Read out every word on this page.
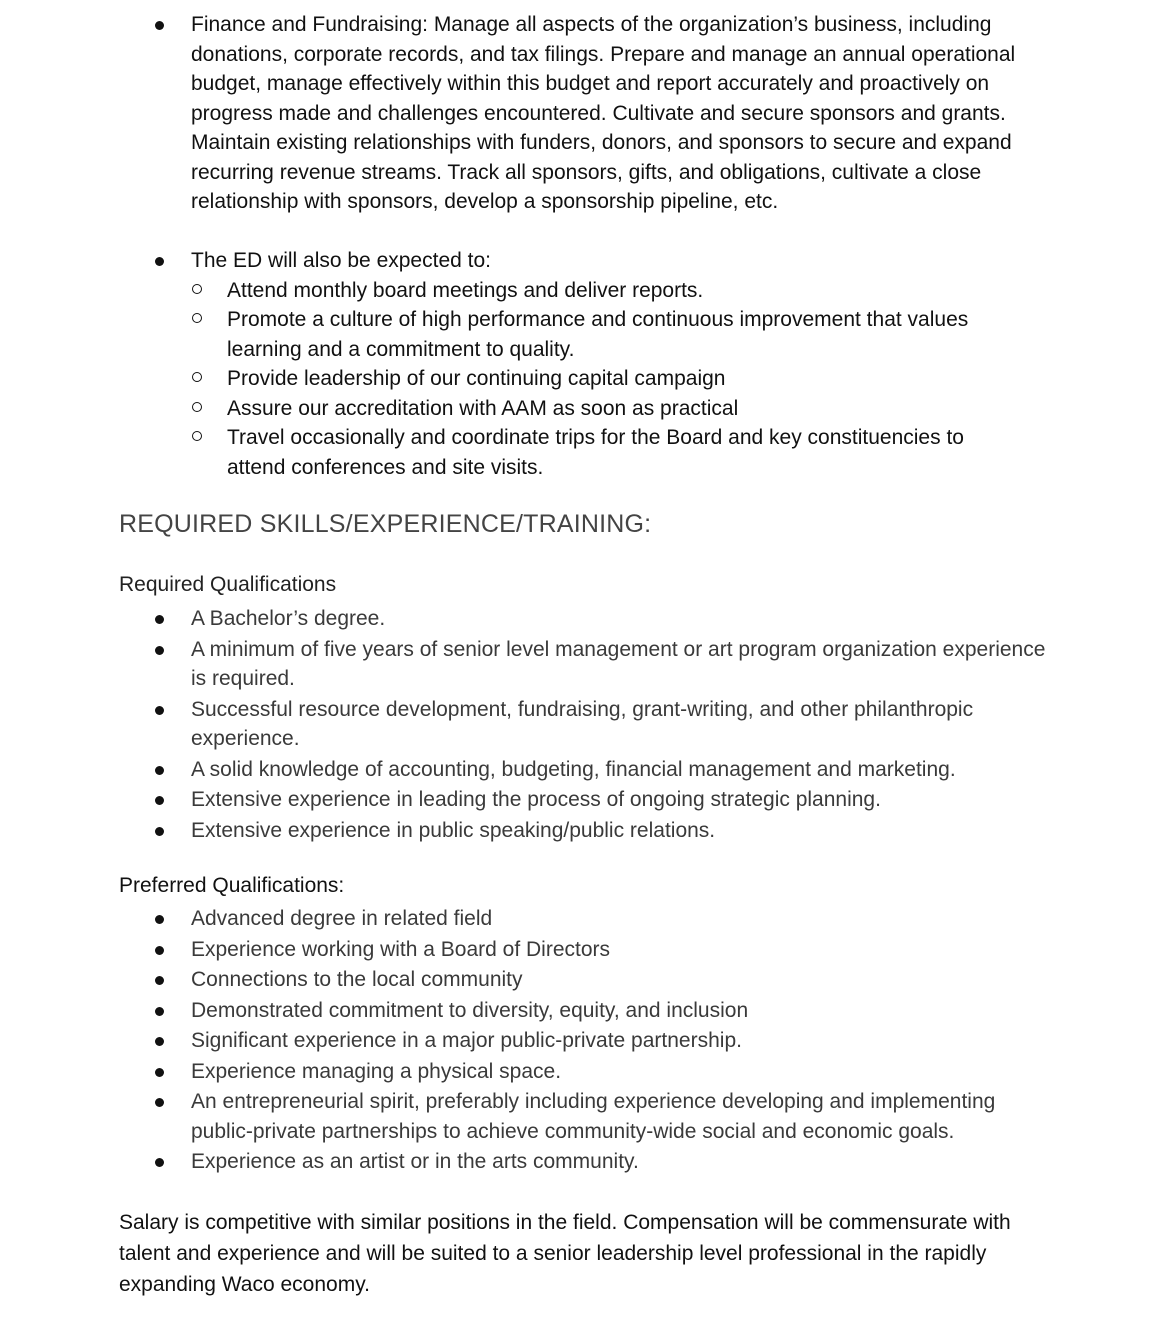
Finance and Fundraising: Manage all aspects of the organization’s business, including donations, corporate records, and tax filings. Prepare and manage an annual operational budget, manage effectively within this budget and report accurately and proactively on progress made and challenges encountered. Cultivate and secure sponsors and grants. Maintain existing relationships with funders, donors, and sponsors to secure and expand recurring revenue streams. Track all sponsors, gifts, and obligations, cultivate a close relationship with sponsors, develop a sponsorship pipeline, etc.
The ED will also be expected to:
Attend monthly board meetings and deliver reports.
Promote a culture of high performance and continuous improvement that values learning and a commitment to quality.
Provide leadership of our continuing capital campaign
Assure our accreditation with AAM as soon as practical
Travel occasionally and coordinate trips for the Board and key constituencies to attend conferences and site visits.
REQUIRED SKILLS/EXPERIENCE/TRAINING:
Required Qualifications
A Bachelor’s degree.
A minimum of five years of senior level management or art program organization experience is required.
Successful resource development, fundraising, grant-writing, and other philanthropic experience.
A solid knowledge of accounting, budgeting, financial management and marketing.
Extensive experience in leading the process of ongoing strategic planning.
Extensive experience in public speaking/public relations.
Preferred Qualifications:
Advanced degree in related field
Experience working with a Board of Directors
Connections to the local community
Demonstrated commitment to diversity, equity, and inclusion
Significant experience in a major public-private partnership.
Experience managing a physical space.
An entrepreneurial spirit, preferably including experience developing and implementing public-private partnerships to achieve community-wide social and economic goals.
Experience as an artist or in the arts community.
Salary is competitive with similar positions in the field. Compensation will be commensurate with talent and experience and will be suited to a senior leadership level professional in the rapidly expanding Waco economy.
